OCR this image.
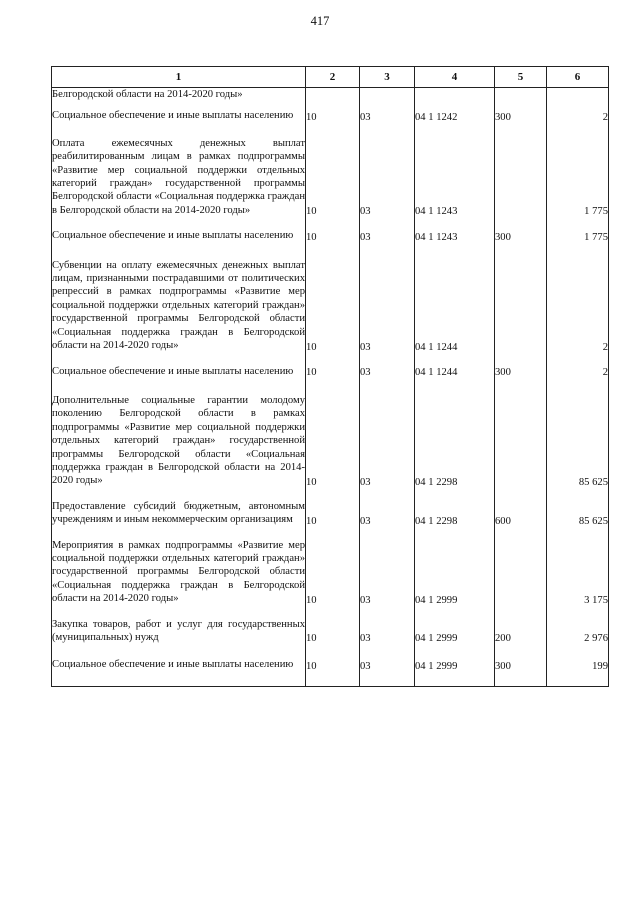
417
1	2	3	4	5	6
Белгородской области на 2014-2020 годы»					
Социальное обеспечение и иные выплаты населению	10	03	04 1 1242	300	2
Оплата ежемесячных денежных выплат реабилитированным лицам в рамках подпрограммы «Развитие мер социальной поддержки отдельных категорий граждан» государственной программы Белгородской области «Социальная поддержка граждан в Белгородской области на 2014-2020 годы»	10	03	04 1 1243		1 775
Социальное обеспечение и иные выплаты населению	10	03	04 1 1243	300	1 775
Субвенции на оплату ежемесячных денежных выплат лицам, признанными пострадавшими от политических репрессий в рамках подпрограммы «Развитие мер социальной поддержки отдельных категорий граждан» государственной программы Белгородской области «Социальная поддержка граждан в Белгородской области на 2014-2020 годы»	10	03	04 1 1244		2
Социальное обеспечение и иные выплаты населению	10	03	04 1 1244	300	2
Дополнительные социальные гарантии молодому поколению Белгородской области в рамках подпрограммы «Развитие мер социальной поддержки отдельных категорий граждан» государственной программы Белгородской области «Социальная поддержка граждан в Белгородской области на 2014-2020 годы»	10	03	04 1 2298		85 625
Предоставление субсидий бюджетным, автономным учреждениям и иным некоммерческим организациям	10	03	04 1 2298	600	85 625
Мероприятия в рамках подпрограммы «Развитие мер социальной поддержки отдельных категорий граждан» государственной программы Белгородской области «Социальная поддержка граждан в Белгородской области на 2014-2020 годы»	10	03	04 1 2999		3 175
Закупка товаров, работ и услуг для государственных (муниципальных) нужд	10	03	04 1 2999	200	2 976
Социальное обеспечение и иные выплаты населению	10	03	04 1 2999	300	199
